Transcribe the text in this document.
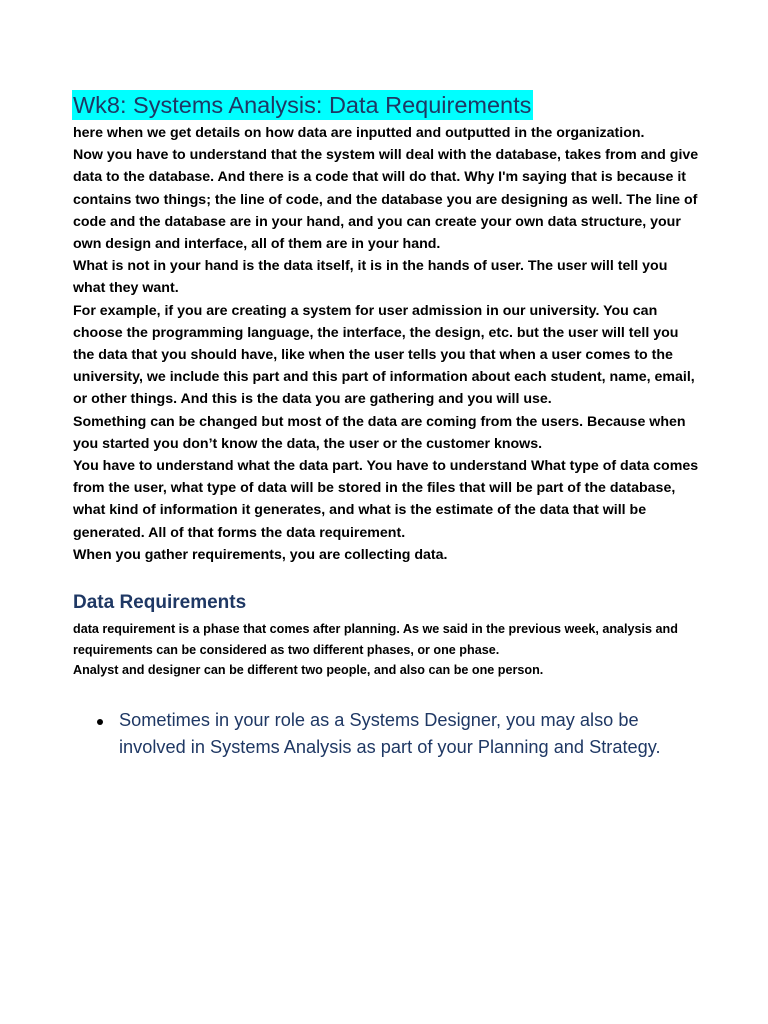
Wk8: Systems Analysis: Data Requirements

here when we get details on how data are inputted and outputted in the organization.

Now you have to understand that the system will deal with the database, takes from and give data to the database. And there is a code that will do that. Why I'm saying that is because it contains two things; the line of code, and the database you are designing as well. The line of code and the database are in your hand, and you can create your own data structure, your own design and interface, all of them are in your hand.

What is not in your hand is the data itself, it is in the hands of user. The user will tell you what they want.

For example, if you are creating a system for user admission in our university. You can choose the programming language, the interface, the design, etc. but the user will tell you the data that you should have, like when the user tells you that when a user comes to the university, we include this part and this part of information about each student, name, email, or other things. And this is the data you are gathering and you will use.

Something can be changed but most of the data are coming from the users. Because when you started you don’t know the data, the user or the customer knows.

You have to understand what the data part. You have to understand What type of data comes from the user, what type of data will be stored in the files that will be part of the database, what kind of information it generates, and what is the estimate of the data that will be generated. All of that forms the data requirement.

When you gather requirements, you are collecting data.

Data Requirements

data requirement is a phase that comes after planning. As we said in the previous week, analysis and requirements can be considered as two different phases, or one phase.

Analyst and designer can be different two people, and also can be one person.

Sometimes in your role as a Systems Designer, you may also be involved in Systems Analysis as part of your Planning and Strategy.
